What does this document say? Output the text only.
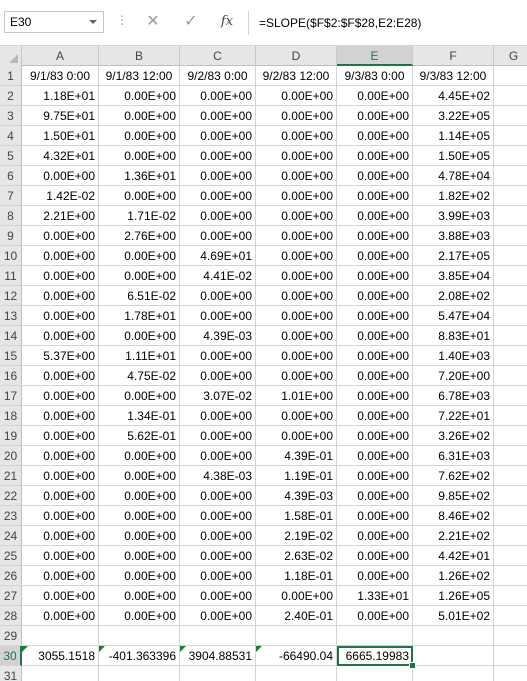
E30	⋮	✕	✓	fx	=SLOPE($F$2:$F$28,E2:E28)
A	B	C	D	E	F	G
1	9/1/83 0:00	9/1/83 12:00	9/2/83 0:00	9/2/83 12:00	9/3/83 0:00	9/3/83 12:00
2	1.18E+01	0.00E+00	0.00E+00	0.00E+00	0.00E+00	4.45E+02
3	9.75E+01	0.00E+00	0.00E+00	0.00E+00	0.00E+00	3.22E+05
4	1.50E+01	0.00E+00	0.00E+00	0.00E+00	0.00E+00	1.14E+05
5	4.32E+01	0.00E+00	0.00E+00	0.00E+00	0.00E+00	1.50E+05
6	0.00E+00	1.36E+01	0.00E+00	0.00E+00	0.00E+00	4.78E+04
7	1.42E-02	0.00E+00	0.00E+00	0.00E+00	0.00E+00	1.82E+02
8	2.21E+00	1.71E-02	0.00E+00	0.00E+00	0.00E+00	3.99E+03
9	0.00E+00	2.76E+00	0.00E+00	0.00E+00	0.00E+00	3.88E+03
10	0.00E+00	0.00E+00	4.69E+01	0.00E+00	0.00E+00	2.17E+05
11	0.00E+00	0.00E+00	4.41E-02	0.00E+00	0.00E+00	3.85E+04
12	0.00E+00	6.51E-02	0.00E+00	0.00E+00	0.00E+00	2.08E+02
13	0.00E+00	1.78E+01	0.00E+00	0.00E+00	0.00E+00	5.47E+04
14	0.00E+00	0.00E+00	4.39E-03	0.00E+00	0.00E+00	8.83E+01
15	5.37E+00	1.11E+01	0.00E+00	0.00E+00	0.00E+00	1.40E+03
16	0.00E+00	4.75E-02	0.00E+00	0.00E+00	0.00E+00	7.20E+00
17	0.00E+00	0.00E+00	3.07E-02	1.01E+00	0.00E+00	6.78E+03
18	0.00E+00	1.34E-01	0.00E+00	0.00E+00	0.00E+00	7.22E+01
19	0.00E+00	5.62E-01	0.00E+00	0.00E+00	0.00E+00	3.26E+02
20	0.00E+00	0.00E+00	0.00E+00	4.39E-01	0.00E+00	6.31E+03
21	0.00E+00	0.00E+00	4.38E-03	1.19E-01	0.00E+00	7.62E+02
22	0.00E+00	0.00E+00	0.00E+00	4.39E-03	0.00E+00	9.85E+02
23	0.00E+00	0.00E+00	0.00E+00	1.58E-01	0.00E+00	8.46E+02
24	0.00E+00	0.00E+00	0.00E+00	2.19E-02	0.00E+00	2.21E+02
25	0.00E+00	0.00E+00	0.00E+00	2.63E-02	0.00E+00	4.42E+01
26	0.00E+00	0.00E+00	0.00E+00	1.18E-01	0.00E+00	1.26E+02
27	0.00E+00	0.00E+00	0.00E+00	0.00E+00	1.33E+01	1.26E+05
28	0.00E+00	0.00E+00	0.00E+00	2.40E-01	0.00E+00	5.01E+02
29
30	3055.1518	-401.363396	3904.88531	-66490.04	6665.19983
31
